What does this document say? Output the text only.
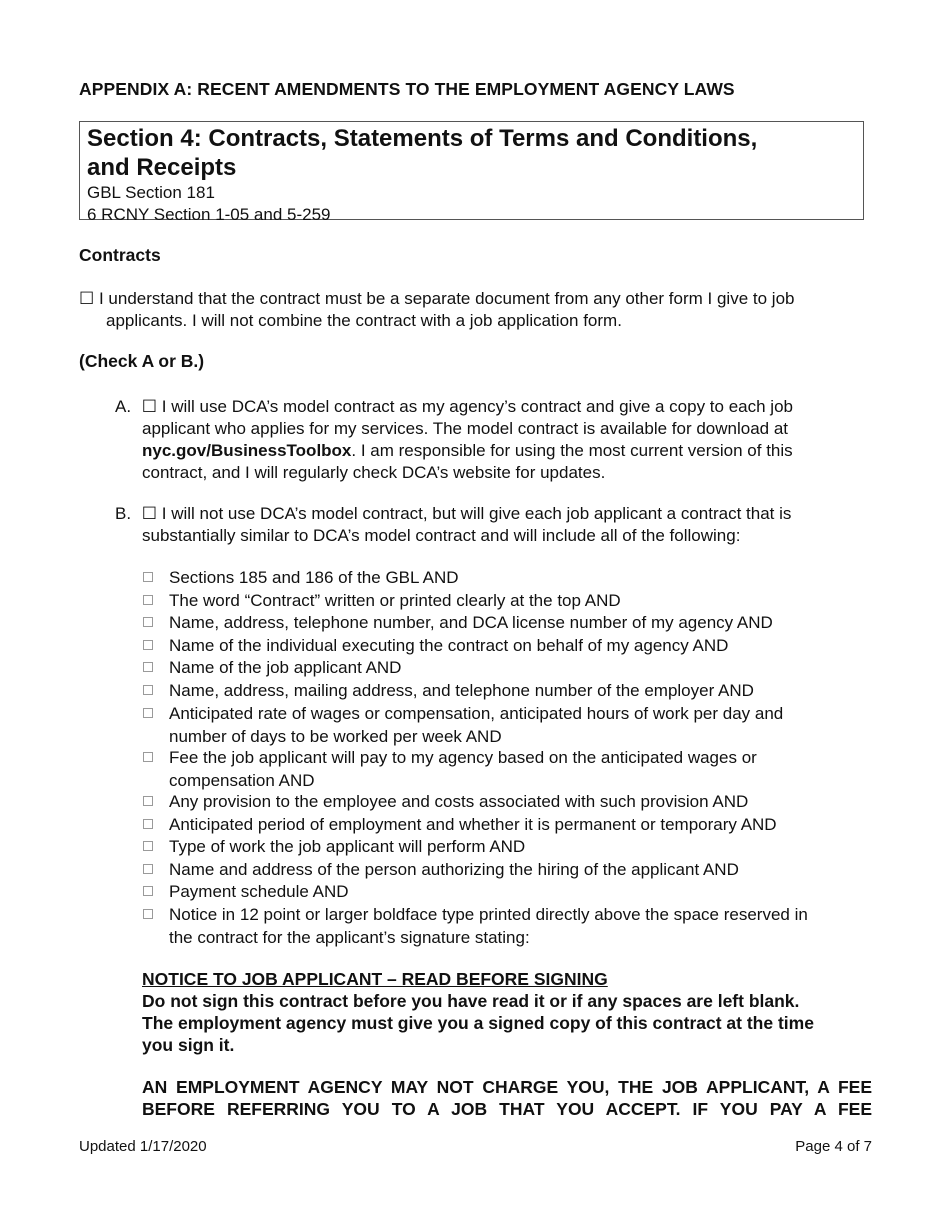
APPENDIX A: RECENT AMENDMENTS TO THE EMPLOYMENT AGENCY LAWS
Section 4: Contracts, Statements of Terms and Conditions,
and Receipts
GBL Section 181
6 RCNY Section 1-05 and 5-259
Contracts
☐ I understand that the contract must be a separate document from any other form I give to job
applicants. I will not combine the contract with a job application form.
(Check A or B.)
A. ☐ I will use DCA’s model contract as my agency’s contract and give a copy to each job
applicant who applies for my services. The model contract is available for download at
nyc.gov/BusinessToolbox. I am responsible for using the most current version of this
contract, and I will regularly check DCA’s website for updates.
B. ☐ I will not use DCA’s model contract, but will give each job applicant a contract that is
substantially similar to DCA’s model contract and will include all of the following:
Sections 185 and 186 of the GBL AND
The word “Contract” written or printed clearly at the top AND
Name, address, telephone number, and DCA license number of my agency AND
Name of the individual executing the contract on behalf of my agency AND
Name of the job applicant AND
Name, address, mailing address, and telephone number of the employer AND
Anticipated rate of wages or compensation, anticipated hours of work per day and
number of days to be worked per week AND
Fee the job applicant will pay to my agency based on the anticipated wages or
compensation AND
Any provision to the employee and costs associated with such provision AND
Anticipated period of employment and whether it is permanent or temporary AND
Type of work the job applicant will perform AND
Name and address of the person authorizing the hiring of the applicant AND
Payment schedule AND
Notice in 12 point or larger boldface type printed directly above the space reserved in
the contract for the applicant’s signature stating:
NOTICE TO JOB APPLICANT – READ BEFORE SIGNING
Do not sign this contract before you have read it or if any spaces are left blank.
The employment agency must give you a signed copy of this contract at the time
you sign it.
AN EMPLOYMENT AGENCY MAY NOT CHARGE YOU, THE JOB APPLICANT, A FEE
BEFORE REFERRING YOU TO A JOB THAT YOU ACCEPT. IF YOU PAY A FEE
Updated 1/17/2020	Page 4 of 7
